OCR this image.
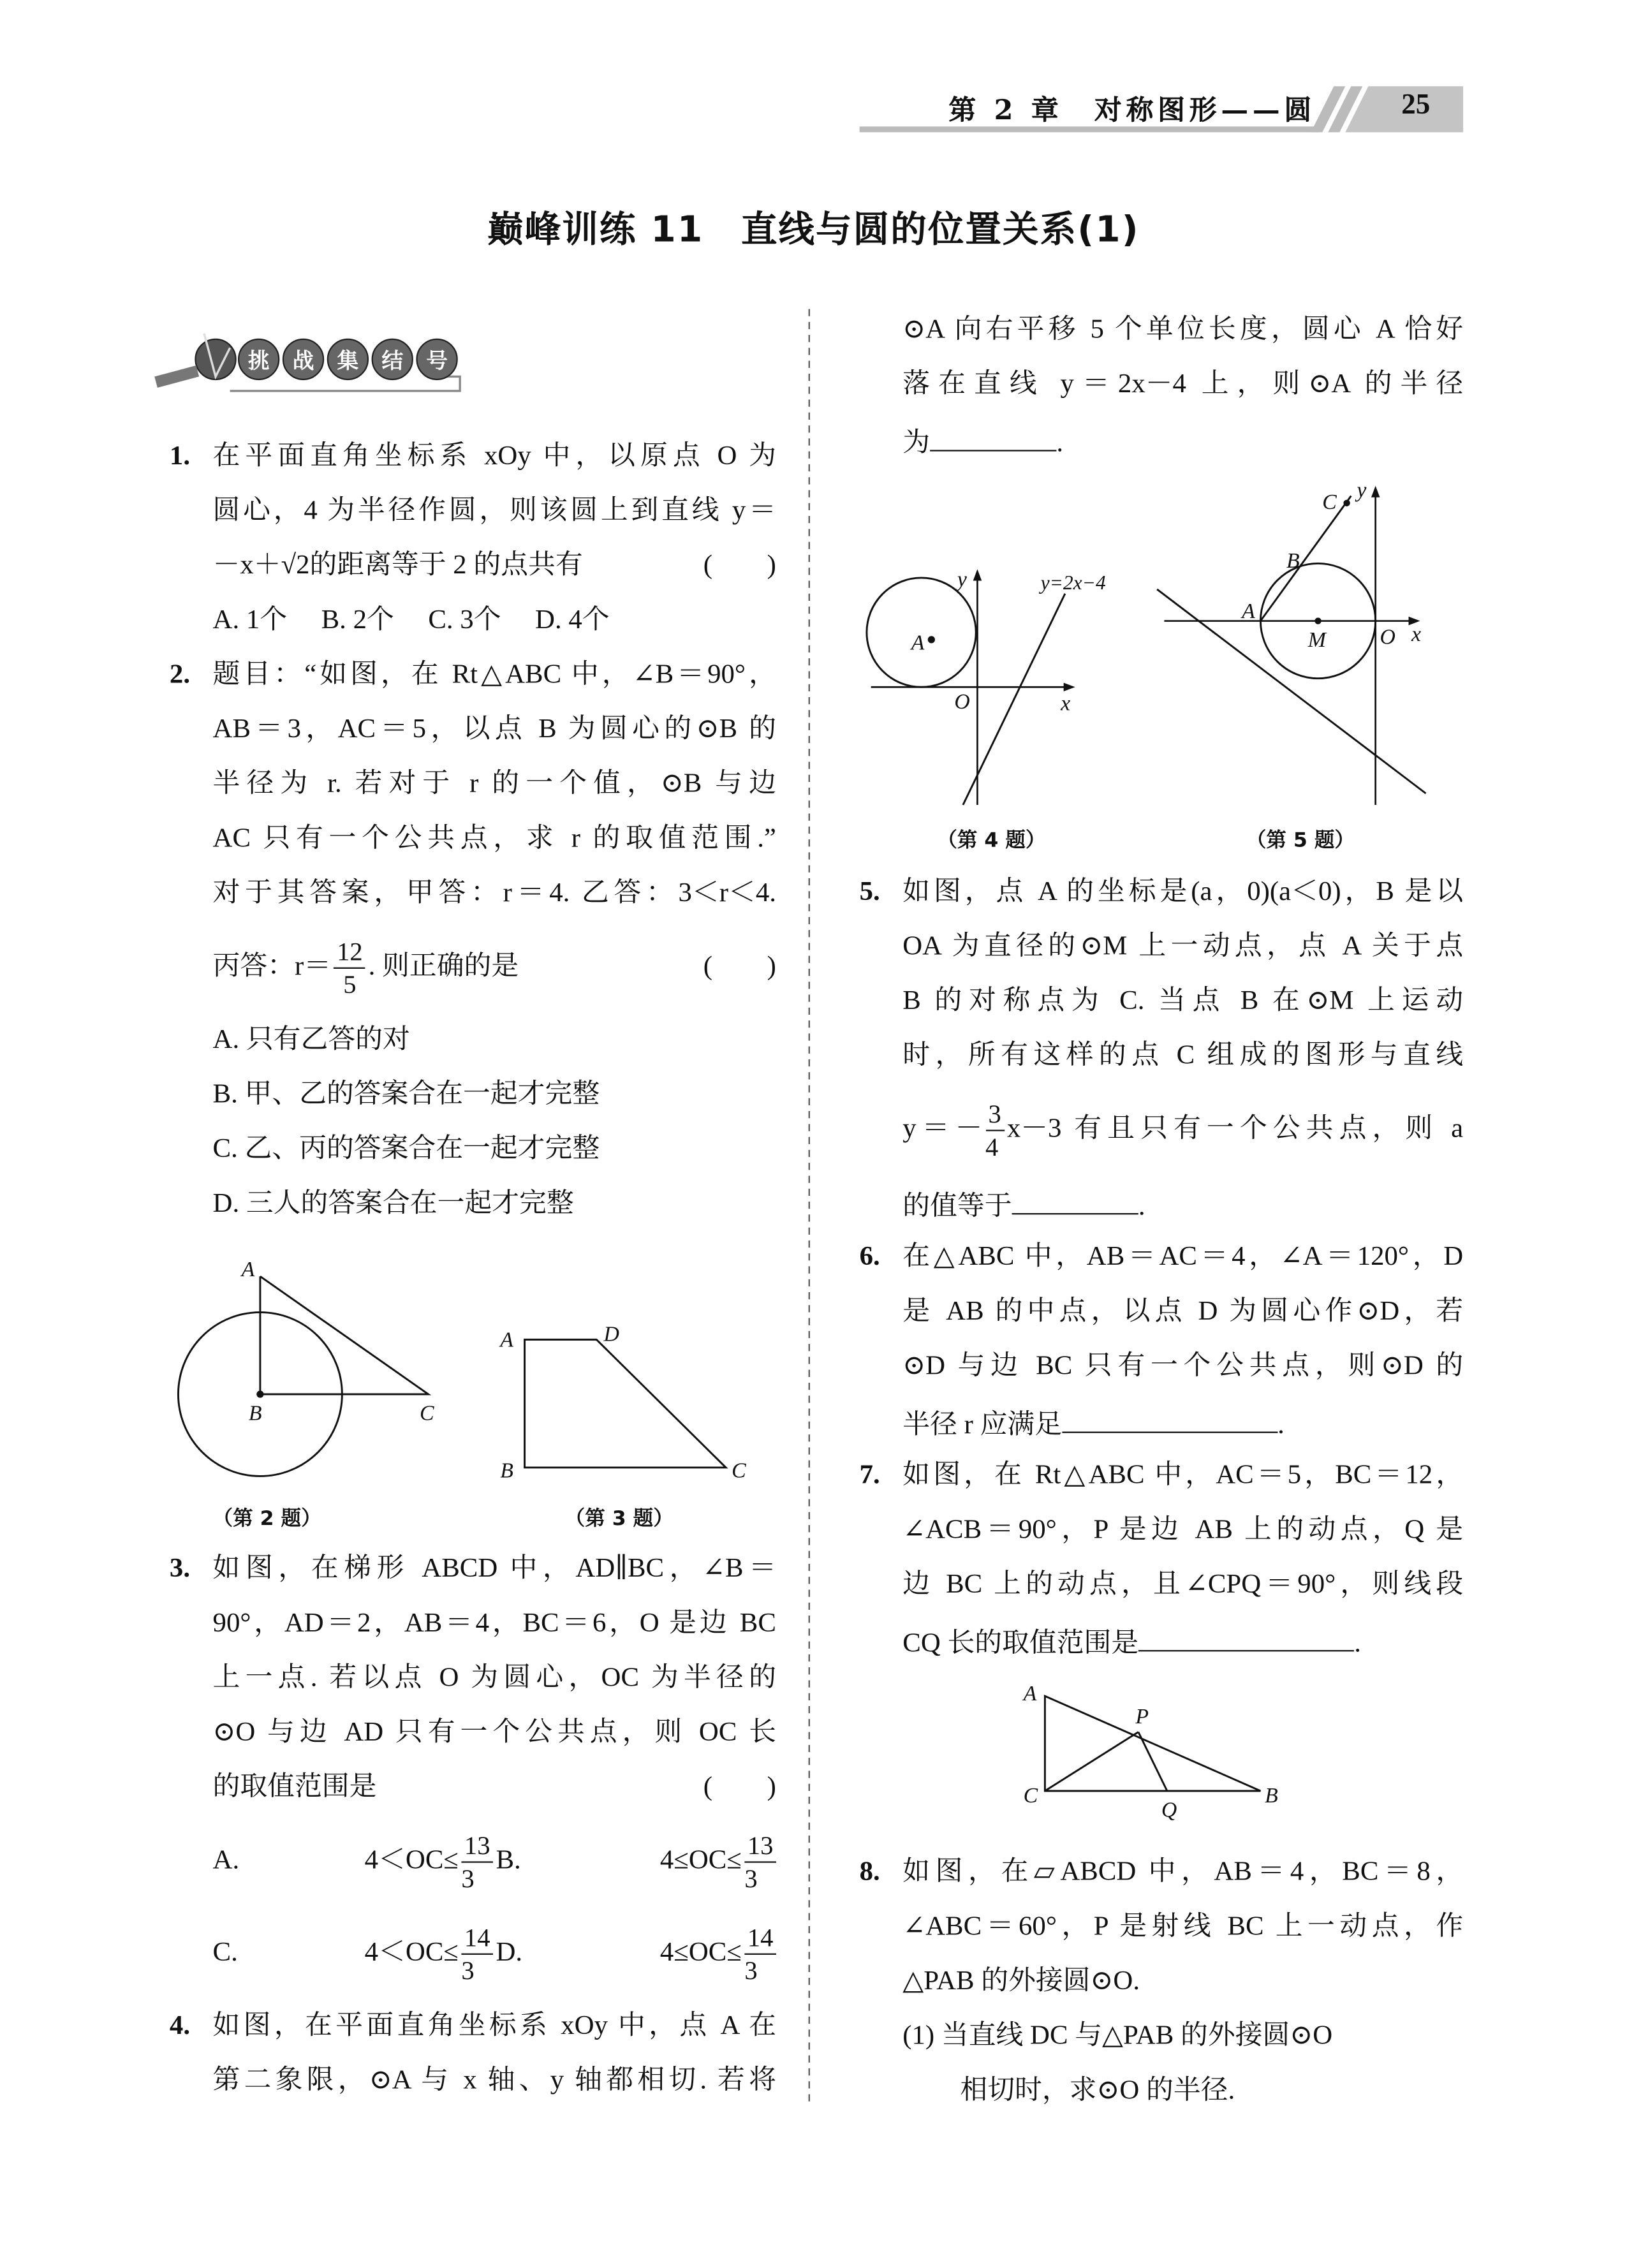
挑 战 集 结 号
A
B	C
（第 2 题）
A	D
B	C
（第 3 题）
A
O	x
y	y=2x−4
（第 4 题）
C
B
A
M	O x
y
（第 5 题）
A
C	B
P
Q
第 2 章　对称图形——圆	25
巅峰训练 11　直线与圆的位置关系(1)
1. 在平面直角坐标系 xOy 中，以原点 O 为
圆心，4 为半径作圆，则该圆上到直线 y＝
－x＋√2的距离等于 2 的点共有	(　　)
A. 1个　 B. 2个　 C. 3个　 D. 4个
2. 题目：“如图，在 Rt△ABC 中，∠B＝90°，
AB＝3，AC＝5，以点 B 为圆心的⊙B 的
半径为 r. 若对于 r 的一个值，⊙B 与边
AC 只有一个公共点，求 r 的取值范围.”
对于其答案，甲答：r＝4. 乙答：3＜r＜4.
丙答：$r= \frac{12}{5}$ . 则正确的是	(　　)
A. 只有乙答的对
B. 甲、乙的答案合在一起才完整
C. 乙、丙的答案合在一起才完整
D. 三人的答案合在一起才完整
3. 如图，在梯形 ABCD 中，AD∥BC，∠B＝
90°，AD＝2，AB＝4，BC＝6，O 是边 BC
上一点. 若以点 O 为圆心，OC 为半径的
⊙O 与边 AD 只有一个公共点，则 OC 长
的取值范围是	(　　)
A. $4<OC\le \frac{13}{3} B$. $4\le OC\le \frac{13}{3}$
C. $4<OC\le \frac{14}{3} D$. $4\le OC\le \frac{14}{3}$
4. 如图，在平面直角坐标系 xOy 中，点 A 在
第二象限，⊙A 与 x 轴、y 轴都相切. 若将
⊙A 向右平移 5 个单位长度，圆心 A 恰好
落在直线 y＝2x－4 上，则⊙A 的半径
为	.
5. 如图，点 A 的坐标是(a，0)(a＜0)，B 是以
OA 为直径的⊙M 上一动点，点 A 关于点
B 的对称点为 C. 当点 B 在⊙M 上运动
时，所有这样的点 C 组成的图形与直线
$y=- \frac{3}{4} x-3$ 有且只有一个公共点，则 a
的值等于	.
6. 在△ABC 中，AB＝AC＝4，∠A＝120°，D
是 AB 的中点，以点 D 为圆心作⊙D，若
⊙D 与边 BC 只有一个公共点，则⊙D 的
半径 r 应满足	.
7. 如图，在 Rt△ABC 中，AC＝5，BC＝12，
∠ACB＝90°，P 是边 AB 上的动点，Q 是
边 BC 上的动点，且∠CPQ＝90°，则线段
CQ 长的取值范围是	.
8. 如图，在▱ABCD 中，AB＝4，BC＝8，
∠ABC＝60°，P 是射线 BC 上一动点，作
△PAB 的外接圆⊙O.
(1) 当直线 DC 与△PAB 的外接圆⊙O
相切时，求⊙O 的半径.
